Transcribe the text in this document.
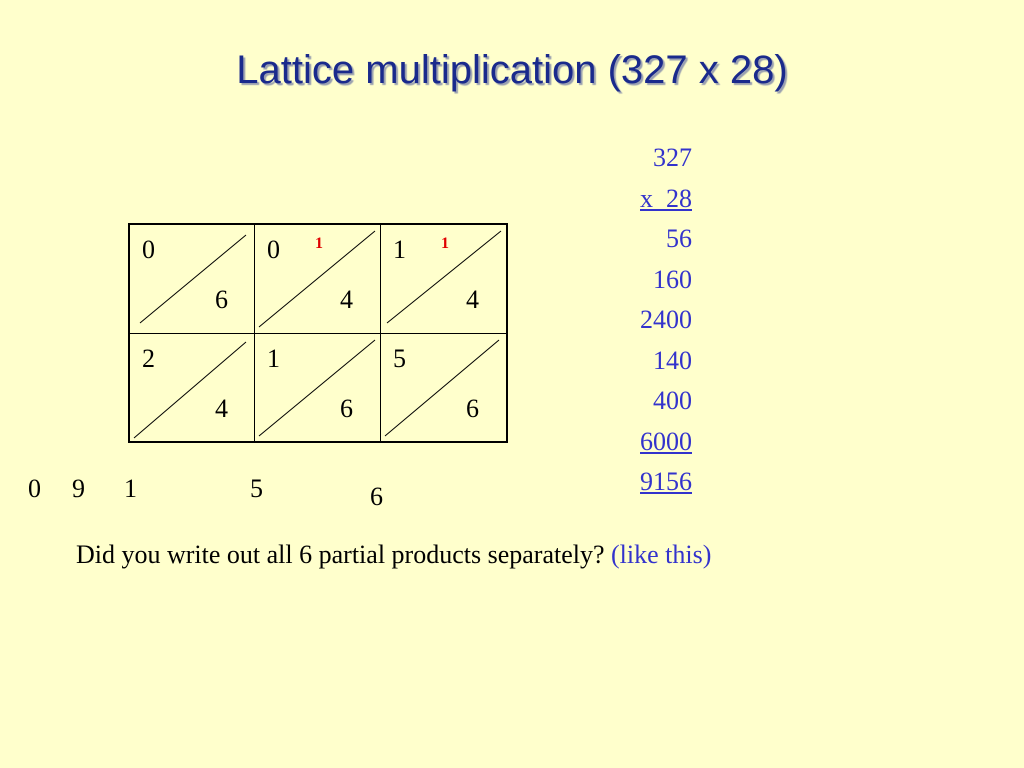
Lattice multiplication (327 x 28)
0
6
0 1
4
1 1
4
2
4
1
6
5
6
0 9 1	5	6
327
x  28
56
160
2400
140
400
6000
9156
Did you write out all 6 partial products separately? (like this)
